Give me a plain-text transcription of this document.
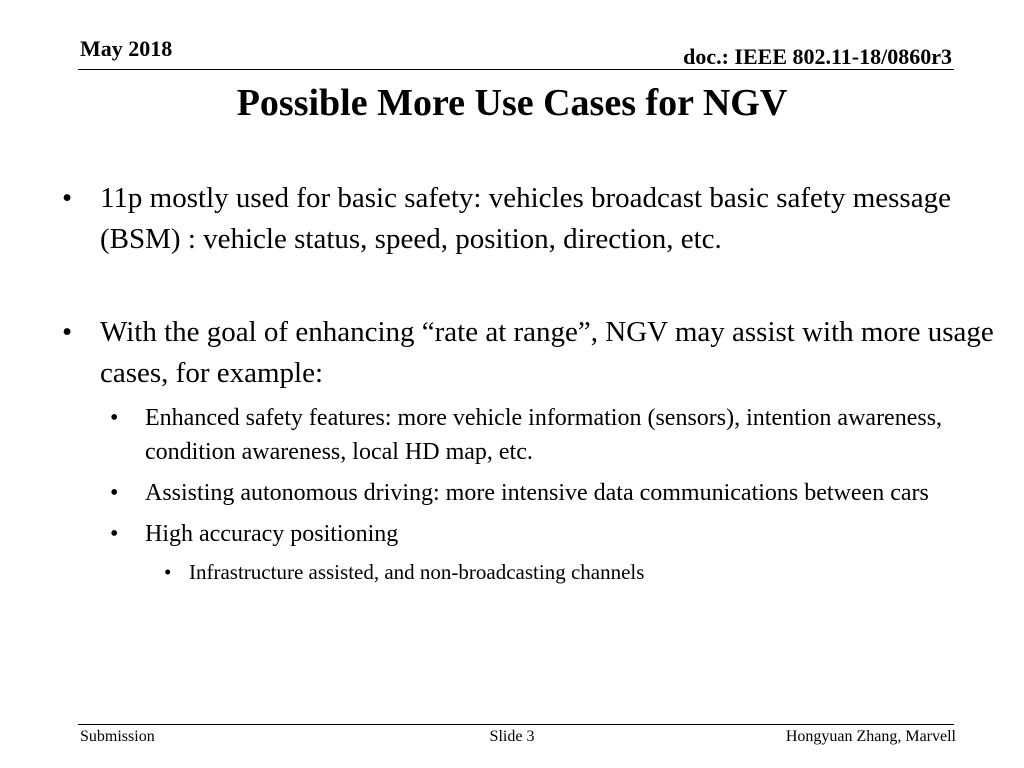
May 2018	doc.: IEEE 802.11-18/0860r3
Possible More Use Cases for NGV
• 11p mostly used for basic safety: vehicles broadcast basic safety message (BSM) : vehicle status, speed, position, direction, etc.
• With the goal of enhancing “rate at range”, NGV may assist with more usage cases, for example:
•	Enhanced safety features: more vehicle information (sensors), intention awareness, condition awareness, local HD map, etc.
•	Assisting autonomous driving: more intensive data communications between cars
•	High accuracy positioning
• Infrastructure assisted, and non-broadcasting channels
Submission	Slide 3	Hongyuan Zhang, Marvell
